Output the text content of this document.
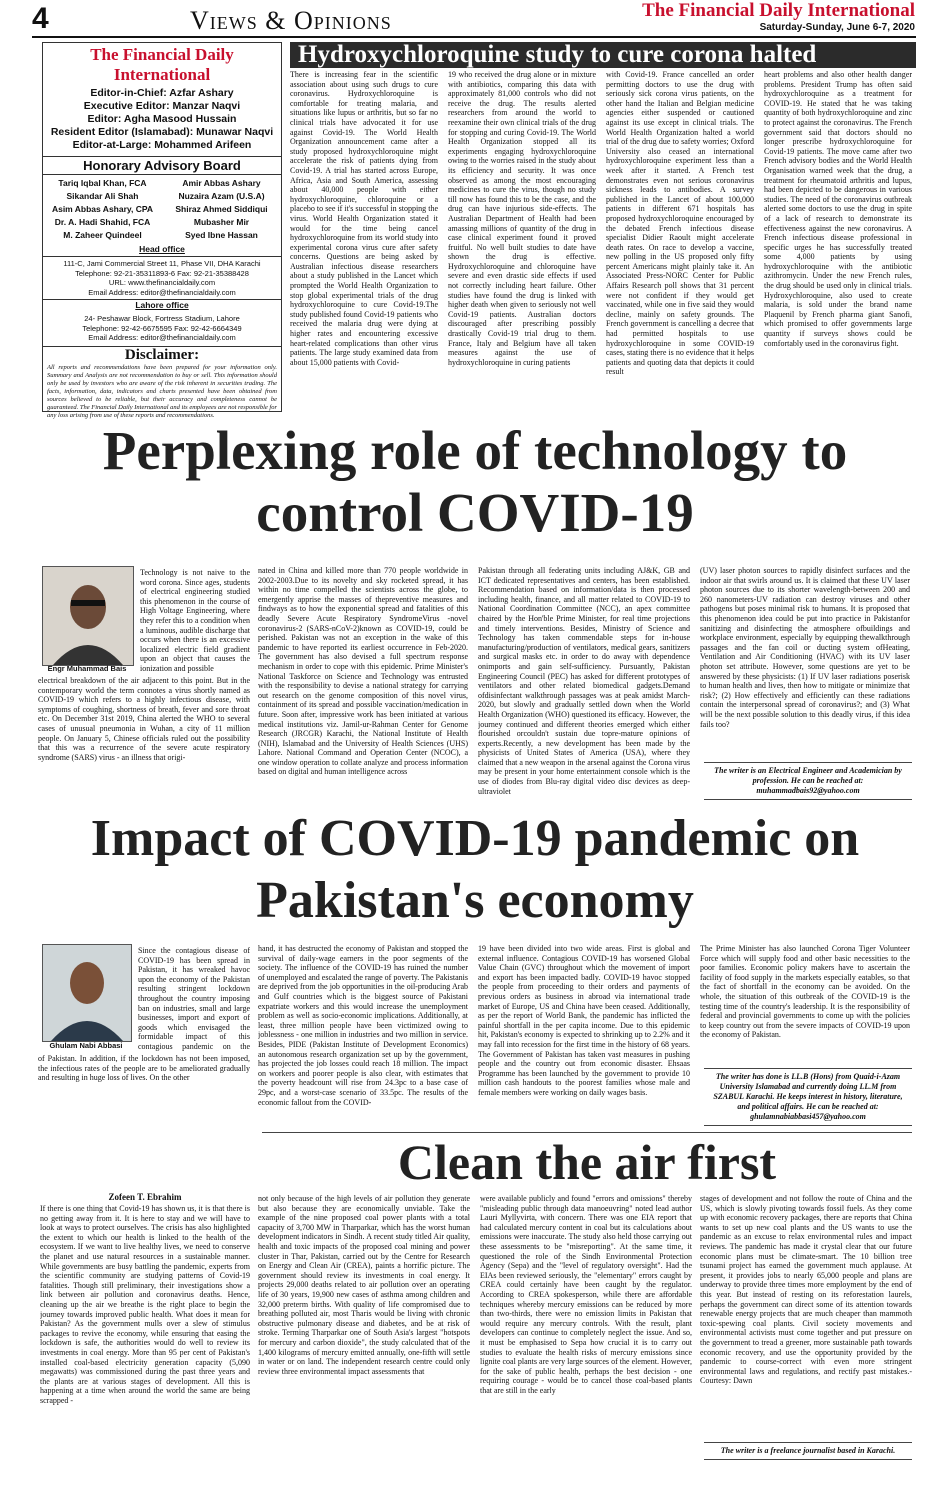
4	Views & Opinions	The Financial Daily International
Saturday-Sunday, June 6-7, 2020
The Financial Daily International
Editor-in-Chief: Azfar Ashary
Executive Editor: Manzar Naqvi
Editor: Agha Masood Hussain
Resident Editor (Islamabad): Munawar Naqvi
Editor-at-Large: Mohammed Arifeen
Honorary Advisory Board
Tariq Iqbal Khan, FCA	Amir Abbas Ashary
Sikandar Ali Shah	Nuzaira Azam (U.S.A)
Asim Abbas Ashary, CPA	Shiraz Ahmed Siddiqui
Dr. A. Hadi Shahid, FCA	Mubasher Mir
M. Zaheer Quindeel	Syed Ibne Hassan
Head office
111-C, Jami Commercial Street 11, Phase VII, DHA Karachi
Telephone: 92-21-35311893-6 Fax: 92-21-35388428
URL: www.thefinancialdaily.com
Email Address: editor@thefinancialdaily.com
Lahore office
24- Peshawar Block, Fortress Stadium, Lahore
Telephone: 92-42-6675595 Fax: 92-42-6664349
Email Address: editor@thefinancialdaily.com
Disclaimer:
All reports and recommendations have been prepared for your information only. Summary and Analysis are not recommendation to buy or sell. This information should only be used by investors who are aware of the risk inherent in securities trading. The facts, information, data, indicators and charts presented have been obtained from sources believed to be reliable, but their accuracy and completeness cannot be guaranteed. The Financial Daily International and its employees are not responsible for any loss arising from use of these reports and recommendations.
Hydroxychloroquine study to cure corona halted
There is increasing fear in the scientific association about using such drugs to cure coronavirus. Hydroxychloroquine is comfortable for treating malaria, and situations like lupus or arthritis, but so far no clinical trials have advocated it for use against Covid-19. The World Health Organization announcement came after a study proposed hydroxychloroquine might accelerate the risk of patients dying from Covid-19. A trial has started across Europe, Africa, Asia and South America, assessing about 40,000 people with either hydroxychloroquine, chloroquine or a placebo to see if it's successful in stopping the virus. World Health Organization stated it would for the time being cancel hydroxychloroquine from its world study into experimental corona virus cure after safety concerns. Questions are being asked by Australian infectious disease researchers about a study published in the Lancet which prompted the World Health Organization to stop global experimental trials of the drug hydroxychloroquine to cure Covid-19.The study published found Covid-19 patients who received the malaria drug were dying at higher rates and encountering excessive heart-related complications than other virus patients. The large study examined data from about 15,000 patients with Covid-
19 who received the drug alone or in mixture with antibiotics, comparing this data with approximately 81,000 controls who did not receive the drug. The results alerted researchers from around the world to reexamine their own clinical trials of the drug for stopping and curing Covid-19. The World Health Organization stopped all its experiments engaging hydroxychloroquine owing to the worries raised in the study about its efficiency and security. It was once observed as among the most encouraging medicines to cure the virus, though no study till now has found this to be the case, and the drug can have injurious side-effects. The Australian Department of Health had been amassing millions of quantity of the drug in case clinical experiment found it proved fruitful. No well built studies to date have shown the drug is effective. Hydroxychloroquine and chloroquine have severe and even drastic side effects if used not correctly including heart failure. Other studies have found the drug is linked with higher death when given to seriously not well Covid-19 patients. Australian doctors discouraged after prescribing possibly drastically Covid-19 trial drug to them. France, Italy and Belgium have all taken measures against the use of hydroxychloroquine in curing patients
with Covid-19. France cancelled an order permitting doctors to use the drug with seriously sick corona virus patients, on the other hand the Italian and Belgian medicine agencies either suspended or cautioned against its use except in clinical trials. The World Health Organization halted a world trial of the drug due to safety worries; Oxford University also ceased an international hydroxychloroquine experiment less than a week after it started. A French test demonstrates even not serious coronavirus sickness leads to antibodies. A survey published in the Lancet of about 100,000 patients in different 671 hospitals has proposed hydroxychloroquine encouraged by the debated French infectious disease specialist Didier Raoult might accelerate death rates. On race to develop a vaccine, new polling in the US proposed only fifty percent Americans might plainly take it. An Associated Press-NORC Center for Public Affairs Research poll shows that 31 percent were not confident if they would get vaccinated, while one in five said they would decline, mainly on safety grounds. The French government is cancelling a decree that had permitted hospitals to use hydroxychloroquine in some COVID-19 cases, stating there is no evidence that it helps patients and quoting data that depicts it could result
heart problems and also other health danger problems. President Trump has often said hydroxychloroquine as a treatment for COVID-19. He stated that he was taking quantity of both hydroxychloroquine and zinc to protect against the coronavirus. The French government said that doctors should no longer prescribe hydroxychloroquine for Covid-19 patients. The move came after two French advisory bodies and the World Health Organisation warned week that the drug, a treatment for rheumatoid arthritis and lupus, had been depicted to be dangerous in various studies. The need of the coronavirus outbreak alerted some doctors to use the drug in spite of a lack of research to demonstrate its effectiveness against the new coronavirus. A French infectious disease professional in specific urges he has successfully treated some 4,000 patients by using hydroxychloroquine with the antibiotic azithromycin. Under the new French rules, the drug should be used only in clinical trials. Hydroxychloroquine, also used to create malaria, is sold under the brand name Plaquenil by French pharma giant Sanofi, which promised to offer governments large quantity if surveys shows could be comfortably used in the coronavirus fight.
Perplexing role of technology to
control COVID-19
Engr Muhammad Bais
Technology is not naive to the word corona. Since ages, students of electrical engineering studied this phenomenon in the course of High Voltage Engineering, where they refer this to a condition when a luminous, audible discharge that occurs when there is an excessive localized electric field gradient upon an object that causes the ionization and possible
electrical breakdown of the air adjacent to this point. But in the contemporary world the term connotes a virus shortly named as COVID-19 which refers to a highly infectious disease, with symptoms of coughing, shortness of breath, fever and sore throat etc. On December 31st 2019, China alerted the WHO to several cases of unusual pneumonia in Wuhan, a city of 11 million people. On January 5, Chinese officials ruled out the possibility that this was a recurrence of the severe acute respiratory syndrome (SARS) virus - an illness that origi-
nated in China and killed more than 770 people worldwide in 2002-2003.Due to its novelty and sky rocketed spread, it has within no time compelled the scientists across the globe, to emergently apprise the masses of thepreventive measures and findways as to how the exponential spread and fatalities of this deadly Severe Acute Respiratory SyndromeVirus -novel coronavirus-2 (SARS-nCoV-2)known as COVID-19, could be perished. Pakistan was not an exception in the wake of this pandemic to have reported its earliest occurrence in Feb-2020. The government has also devised a full spectrum response mechanism in order to cope with this epidemic. Prime Minister's National Taskforce on Science and Technology was entrusted with the responsibility to devise a national strategy for carrying out research on the genome composition of this novel virus, containment of its spread and possible vaccination/medication in future. Soon after, impressive work has been initiated at various medical institutions viz. Jamil-ur-Rahman Center for Genome Research (JRCGR) Karachi, the National Institute of Health (NIH), Islamabad and the University of Health Sciences (UHS) Lahore. National Command and Operation Center (NCOC), a one window operation to collate analyze and process information based on digital and human intelligence across
Pakistan through all federating units including AJ&K, GB and ICT dedicated representatives and centers, has been established. Recommendation based on information/data is then processed including health, finance, and all matter related to COVID-19 to National Coordination Committee (NCC), an apex committee chaired by the Hon'ble Prime Minister, for real time projections and timely interventions. Besides, Ministry of Science and Technology has taken commendable steps for in-house manufacturing/production of ventilators, medical gears, sanitizers and surgical masks etc. in order to do away with dependence onimports and gain self-sufficiency. Pursuantly, Pakistan Engineering Council (PEC) has asked for different prototypes of ventilators and other related biomedical gadgets.Demand ofdisinfectant walkthrough passages was at peak amidst March-2020, but slowly and gradually settled down when the World Health Organization (WHO) questioned its efficacy. However, the journey continued and different theories emerged which either flourished orcouldn't sustain due topre-mature opinions of experts.Recently, a new development has been made by the physicists of United States of America (USA), where they claimed that a new weapon in the arsenal against the Corona virus may be present in your home entertainment console which is the use of diodes from Blu-ray digital video disc devices as deep-ultraviolet
(UV) laser photon sources to rapidly disinfect surfaces and the indoor air that swirls around us. It is claimed that these UV laser photon sources due to its shorter wavelength-between 200 and 260 nanometers-UV radiation can destroy viruses and other pathogens but poses minimal risk to humans. It is proposed that this phenomenon idea could be put into practice in Pakistanfor sanitizing and disinfecting the atmosphere ofbuildings and workplace environment, especially by equipping thewalkthrough passages and the fan coil or ducting system ofHeating, Ventilation and Air Conditioning (HVAC) with its UV laser photon set attribute. However, some questions are yet to be answered by these physicists: (1) If UV laser radiations poserisk to human health and lives, then how to mitigate or minimize that risk?; (2) How effectively and efficiently can these radiations contain the interpersonal spread of coronavirus?; and (3) What will be the next possible solution to this deadly virus, if this idea fails too?
The writer is an Electrical Engineer and Academician by profession. He can be reached at: muhammadbais92@yahoo.com
Impact of COVID-19 pandemic on
Pakistan's economy
Ghulam Nabi Abbasi
Since the contagious disease of COVID-19 has been spread in Pakistan, it has wreaked havoc upon the economy of the Pakistan resulting stringent lockdown throughout the country imposing ban on industries, small and large businesses, import and export of goods which envisaged the formidable impact of this contagious pandemic on the
of Pakistan. In addition, if the lockdown has not been imposed, the infectious rates of the people are to be ameliorated gradually and resulting in huge loss of lives. On the other
hand, it has destructed the economy of Pakistan and stopped the survival of daily-wage earners in the poor segments of the society. The influence of the COVID-19 has ruined the number of unemployed and escalated the range of poverty. The Pakistanis are deprived from the job opportunities in the oil-producing Arab and Gulf countries which is the biggest source of Pakistani expatriate workers and this would increase the unemployment problem as well as socio-economic implications. Additionally, at least, three million people have been victimized owing to joblessness - one million in industries and two million in service. Besides, PIDE (Pakistan Institute of Development Economics) an autonomous research organization set up by the government, has projected the job losses could reach 18 million. The impact on workers and poorer people is also clear, with estimates that the poverty headcount will rise from 24.3pc to a base case of 29pc, and a worst-case scenario of 33.5pc. The results of the economic fallout from the COVID-
19 have been divided into two wide areas. First is global and external influence. Contagious COVID-19 has worsened Global Value Chain (GVC) throughout which the movement of import and export has been impacted badly. COVID-19 havoc stopped the people from proceeding to their orders and payments of previous orders as business in abroad via international trade market of Europe, US and China have been ceased. Additionally, as per the report of World Bank, the pandemic has inflicted the painful shortfall in the per capita income. Due to this epidemic hit, Pakistan's economy is expected to shrinking up to 2.2% and it may fall into recession for the first time in the history of 68 years. The Government of Pakistan has taken vast measures in pushing people and the country out from economic disaster. Ehsaas Programme has been launched by the government to provide 10 million cash handouts to the poorest families whose male and female members were working on daily wages basis.
The Prime Minister has also launched Corona Tiger Volunteer Force which will supply food and other basic necessities to the poor families. Economic policy makers have to ascertain the facility of food supply in the markets especially eatables, so that the fact of shortfall in the economy can be avoided. On the whole, the situation of this outbreak of the COVID-19 is the testing time of the country's leadership. It is the responsibility of federal and provincial governments to come up with the policies to keep country out from the severe impacts of COVID-19 upon the economy of Pakistan.
The writer has done is LL.B (Hons) from Quaid-i-Azam University Islamabad and currently doing LL.M from SZABUL Karachi. He keeps interest in history, literature, and political affairs. He can be reached at: ghulamnabiabbasi457@yahoo.com
Clean the air first
Zofeen T. Ebrahim
If there is one thing that Covid-19 has shown us, it is that there is no getting away from it. It is here to stay and we will have to look at ways to protect ourselves. The crisis has also highlighted the extent to which our health is linked to the health of the ecosystem. If we want to live healthy lives, we need to conserve the planet and use natural resources in a sustainable manner. While governments are busy battling the pandemic, experts from the scientific community are studying patterns of Covid-19 fatalities. Though still preliminary, their investigations show a link between air pollution and coronavirus deaths. Hence, cleaning up the air we breathe is the right place to begin the journey towards improved public health. What does it mean for Pakistan? As the government mulls over a slew of stimulus packages to revive the economy, while ensuring that easing the lockdown is safe, the authorities would do well to review its investments in coal energy. More than 95 per cent of Pakistan's installed coal-based electricity generation capacity (5,090 megawatts) was commissioned during the past three years and the plants are at various stages of development. All this is happening at a time when around the world the same are being scrapped -
not only because of the high levels of air pollution they generate but also because they are economically unviable. Take the example of the nine proposed coal power plants with a total capacity of 3,700 MW in Tharparkar, which has the worst human development indicators in Sindh. A recent study titled Air quality, health and toxic impacts of the proposed coal mining and power cluster in Thar, Pakistan, carried out by the Centre for Research on Energy and Clean Air (CREA), paints a horrific picture. The government should review its investments in coal energy. It projects 29,000 deaths related to air pollution over an operating life of 30 years, 19,900 new cases of asthma among children and 32,000 preterm births. With quality of life compromised due to breathing polluted air, most Tharis would be living with chronic obstructive pulmonary disease and diabetes, and be at risk of stroke. Terming Tharparkar one of South Asia's largest "hotspots for mercury and carbon dioxide", the study calculated that of the 1,400 kilograms of mercury emitted annually, one-fifth will settle in water or on land. The independent research centre could only review three environmental impact assessments that
were available publicly and found "errors and omissions" thereby "misleading public through data manoeuvring" noted lead author Lauri Myllyvirta, with concern. There was one EIA report that had calculated mercury content in coal but its calculations about emissions were inaccurate. The study also held those carrying out these assessments to be "misreporting". At the same time, it questioned the role of the Sindh Environmental Protection Agency (Sepa) and the "level of regulatory oversight". Had the EIAs been reviewed seriously, the "elementary" errors caught by CREA could certainly have been caught by the regulator. According to CREA spokesperson, while there are affordable techniques whereby mercury emissions can be reduced by more than two-thirds, there were no emission limits in Pakistan that would require any mercury controls. With the result, plant developers can continue to completely neglect the issue. And so, it must be emphasised to Sepa how crucial it is to carry out studies to evaluate the health risks of mercury emissions since lignite coal plants are very large sources of the element. However, for the sake of public health, perhaps the best decision - one requiring courage - would be to cancel those coal-based plants that are still in the early
stages of development and not follow the route of China and the US, which is slowly pivoting towards fossil fuels. As they come up with economic recovery packages, there are reports that China wants to set up new coal plants and the US wants to use the pandemic as an excuse to relax environmental rules and impact reviews. The pandemic has made it crystal clear that our future economic plans must be climate-smart. The 10 billion tree tsunami project has earned the government much applause. At present, it provides jobs to nearly 65,000 people and plans are underway to provide three times more employment by the end of this year. But instead of resting on its reforestation laurels, perhaps the government can direct some of its attention towards renewable energy projects that are much cheaper than mammoth toxic-spewing coal plants. Civil society movements and environmental activists must come together and put pressure on the government to tread a greener, more sustainable path towards economic recovery, and use the opportunity provided by the pandemic to course-correct with even more stringent environmental laws and regulations, and rectify past mistakes.-Courtesy: Dawn
The writer is a freelance journalist based in Karachi.
